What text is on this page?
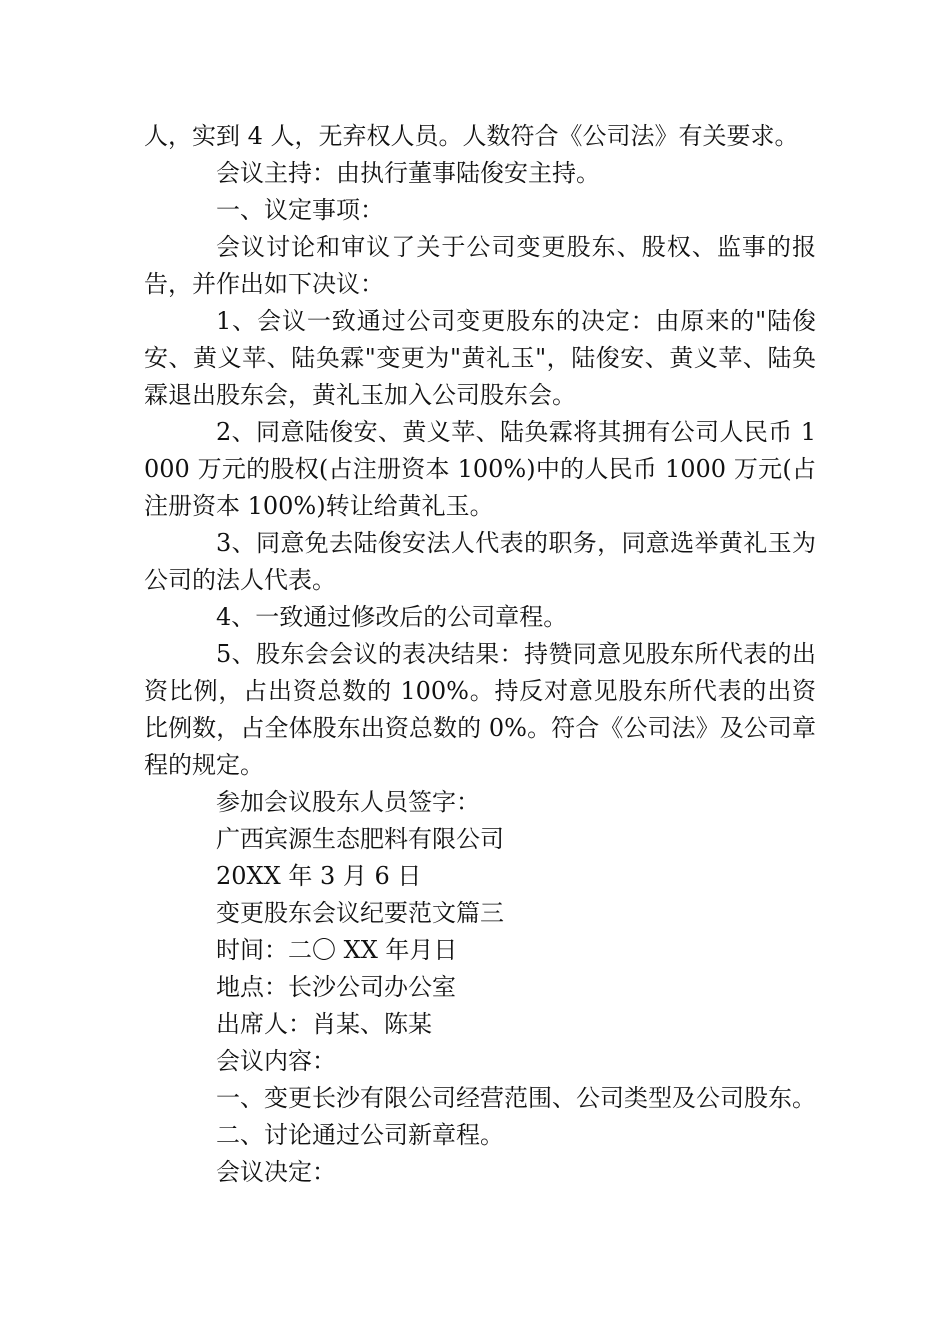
人，实到 4 人，无弃权人员。人数符合《公司法》有关要求。

会议主持：由执行董事陆俊安主持。

一、议定事项：

会议讨论和审议了关于公司变更股东、股权、监事的报告，并作出如下决议：

1、会议一致通过公司变更股东的决定：由原来的"陆俊安、黄义苹、陆奂霖"变更为"黄礼玉"，陆俊安、黄义苹、陆奂霖退出股东会，黄礼玉加入公司股东会。

2、同意陆俊安、黄义苹、陆奂霖将其拥有公司人民币 1000 万元的股权(占注册资本 100%)中的人民币 1000 万元(占注册资本 100%)转让给黄礼玉。

3、同意免去陆俊安法人代表的职务，同意选举黄礼玉为公司的法人代表。

4、一致通过修改后的公司章程。

5、股东会会议的表决结果：持赞同意见股东所代表的出资比例，占出资总数的 100%。持反对意见股东所代表的出资比例数，占全体股东出资总数的 0%。符合《公司法》及公司章程的规定。

参加会议股东人员签字：

广西宾源生态肥料有限公司

20XX 年 3 月 6 日

变更股东会议纪要范文篇三

时间：二〇 XX 年月日

地点：长沙公司办公室

出席人：肖某、陈某

会议内容：

一、变更长沙有限公司经营范围、公司类型及公司股东。

二、讨论通过公司新章程。

会议决定：
